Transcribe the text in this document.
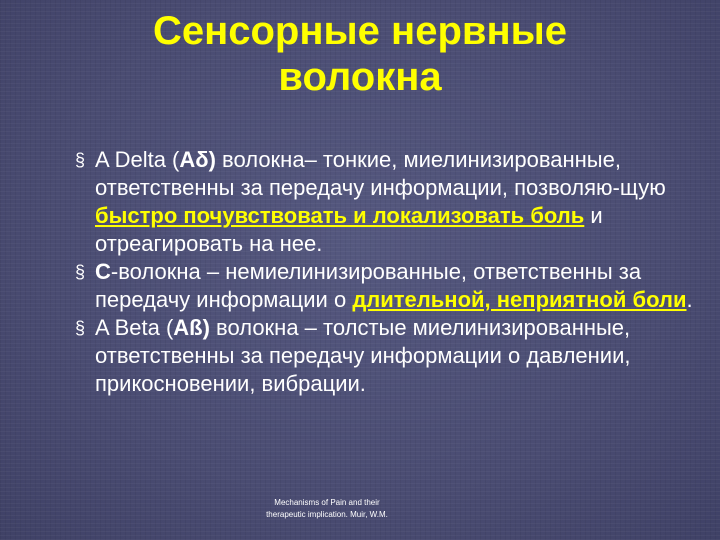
Сенсорные нервные
волокна
§ A Delta (Aδ) волокна– тонкие, миелинизированные, ответственны за передачу информации, позволяю-щую быстро почувствовать и локализовать боль и отреагировать на нее.
§ C-волокна – немиелинизированные, ответственны за передачу информации о длительной, неприятной боли.
§ A Beta (Aß) волокна – толстые миелинизированные, ответственны за передачу информации о давлении, прикосновении, вибрации.
Mechanisms of Pain and their therapeutic implication. Muir, W.M.
